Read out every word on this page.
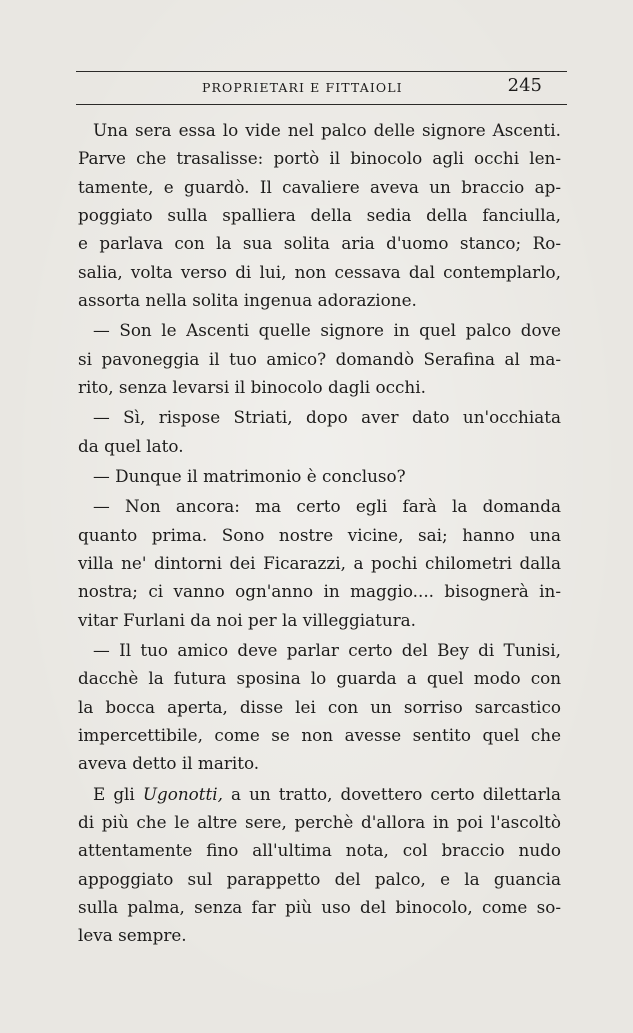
PROPRIETARI E FITTAIOLI	245
Una sera essa lo vide nel palco delle signore Ascenti.
Parve che trasalisse: portò il binocolo agli occhi len-
tamente, e guardò. Il cavaliere aveva un braccio ap-
poggiato sulla spalliera della sedia della fanciulla,
e parlava con la sua solita aria d'uomo stanco; Ro-
salia, volta verso di lui, non cessava dal contemplarlo,
assorta nella solita ingenua adorazione.
— Son le Ascenti quelle signore in quel palco dove
si pavoneggia il tuo amico? domandò Serafina al ma-
rito, senza levarsi il binocolo dagli occhi.
— Sì, rispose Striati, dopo aver dato un'occhiata
da quel lato.
— Dunque il matrimonio è concluso?
— Non ancora: ma certo egli farà la domanda
quanto prima. Sono nostre vicine, sai; hanno una
villa ne' dintorni dei Ficarazzi, a pochi chilometri dalla
nostra; ci vanno ogn'anno in maggio.... bisognerà in-
vitar Furlani da noi per la villeggiatura.
— Il tuo amico deve parlar certo del Bey di Tunisi,
dacchè la futura sposina lo guarda a quel modo con
la bocca aperta, disse lei con un sorriso sarcastico
impercettibile, come se non avesse sentito quel che
aveva detto il marito.
E gli Ugonotti, a un tratto, dovettero certo dilettarla
di più che le altre sere, perchè d'allora in poi l'ascoltò
attentamente fino all'ultima nota, col braccio nudo
appoggiato sul parappetto del palco, e la guancia
sulla palma, senza far più uso del binocolo, come so-
leva sempre.
